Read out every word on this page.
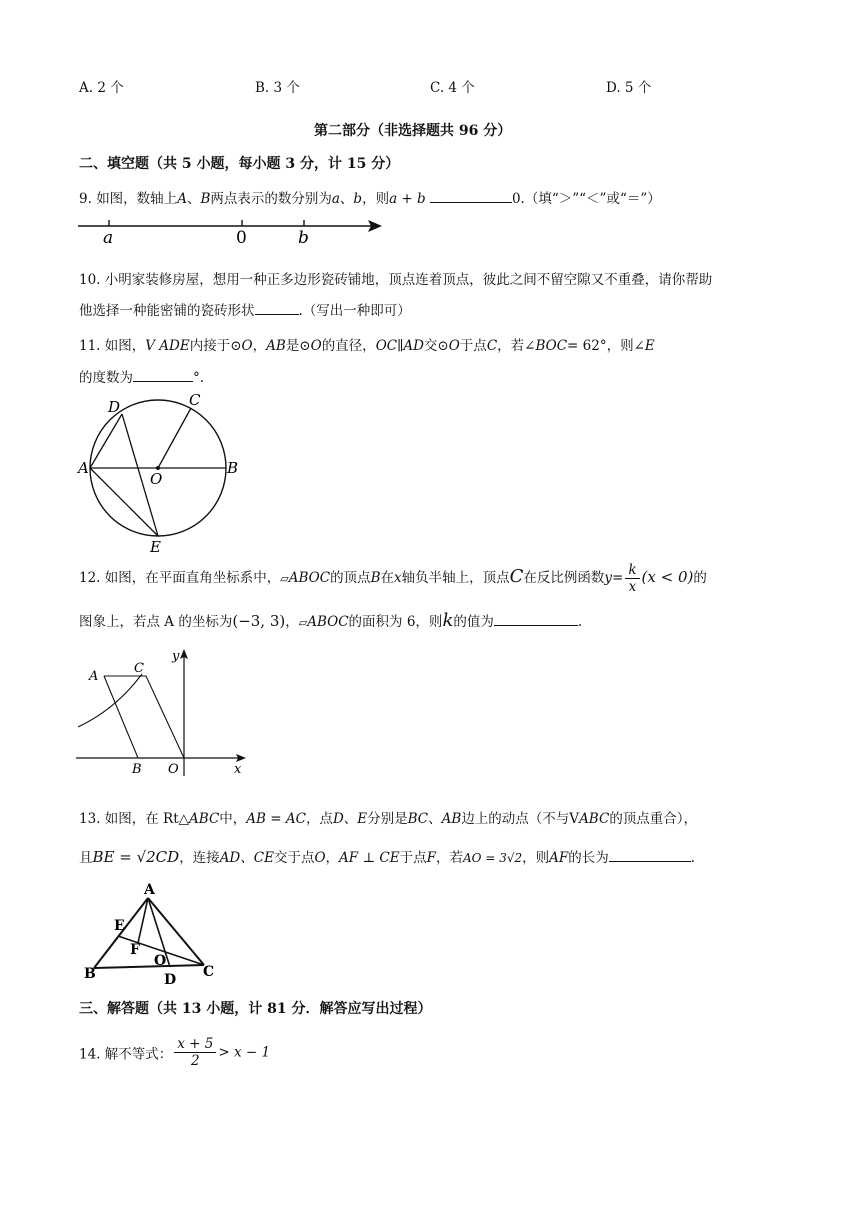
A. 2 个	B. 3 个	C. 4 个	D. 5 个
第二部分（非选择题共 96 分）
二、填空题（共 5 小题，每小题 3 分，计 15 分）
9. 如图，数轴上A、B两点表示的数分别为a、b，则a + b	0.（填“＞”“＜”或“＝”）
a	0	b
10. 小明家装修房屋，想用一种正多边形瓷砖铺地，顶点连着顶点，彼此之间不留空隙又不重叠，请你帮助
他选择一种能密铺的瓷砖形状	.（写出一种即可）
11. 如图，V ADE内接于⊙O，AB是⊙O的直径，OC∥AD交⊙O于点C，若∠BOC= 62°，则∠E
的度数为	°.
D	C
A
O
B
E
12. 如图，在平面直角坐标系中，▱ABOC的顶点B在x轴负半轴上，顶点C在反比例函数$y= \frac{k}{x} (x < 0)$的
图象上，若点 A 的坐标为(−3, 3)，▱ABOC的面积为 6，则k的值为	.
y
A
C
B O	x
13. 如图，在 Rt△ABC中，AB = AC，点D、E分别是BC、AB边上的动点（不与VABC的顶点重合），
且BE = √2CD，连接AD、CE交于点O，AF ⊥ CE于点F，若AO = 3√2，则AF的长为	.
A
E
F
O
B	D C
三、解答题（共 13 小题，计 81 分．解答应写出过程）
14. 解不等式： $\frac{x + 5}{2} > x - 1$
